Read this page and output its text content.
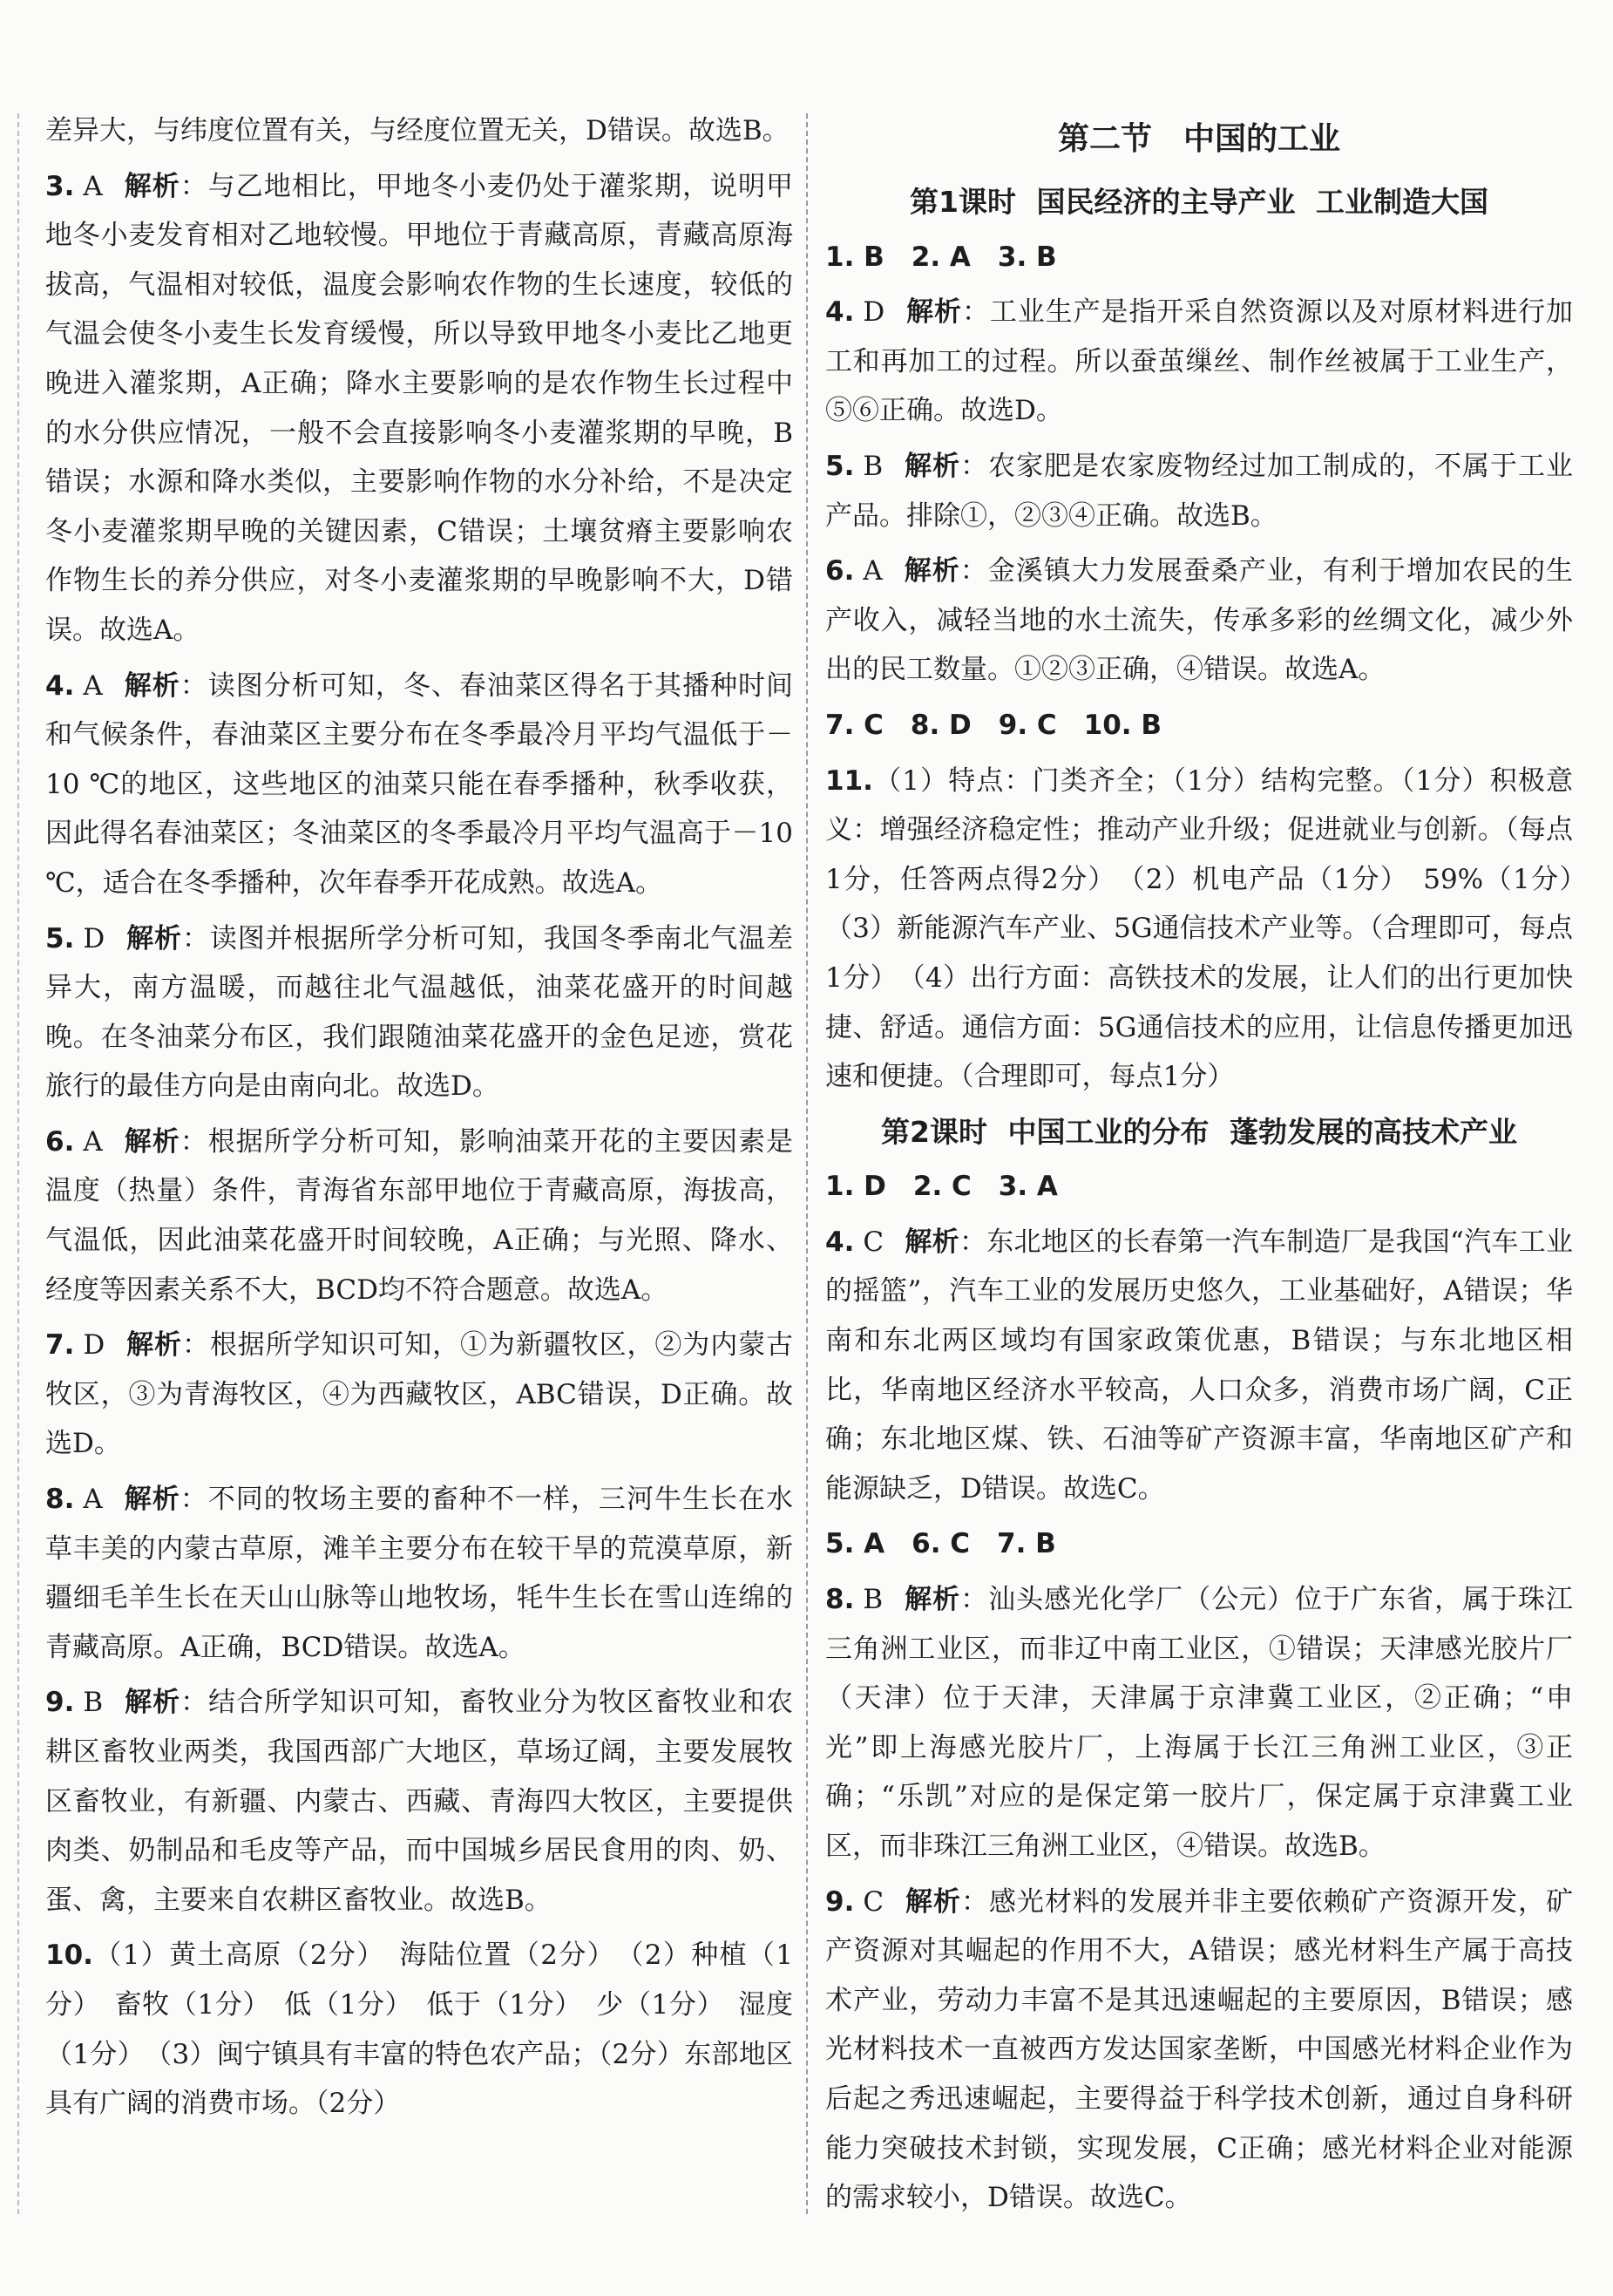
差异大，与纬度位置有关，与经度位置无关，D错误。故选B。

3. A 解析：与乙地相比，甲地冬小麦仍处于灌浆期，说明甲地冬小麦发育相对乙地较慢。甲地位于青藏高原，青藏高原海拔高，气温相对较低，温度会影响农作物的生长速度，较低的气温会使冬小麦生长发育缓慢，所以导致甲地冬小麦比乙地更晚进入灌浆期，A正确；降水主要影响的是农作物生长过程中的水分供应情况，一般不会直接影响冬小麦灌浆期的早晚，B错误；水源和降水类似，主要影响作物的水分补给，不是决定冬小麦灌浆期早晚的关键因素，C错误；土壤贫瘠主要影响农作物生长的养分供应，对冬小麦灌浆期的早晚影响不大，D错误。故选A。

4. A 解析：读图分析可知，冬、春油菜区得名于其播种时间和气候条件，春油菜区主要分布在冬季最冷月平均气温低于－10 ℃的地区，这些地区的油菜只能在春季播种，秋季收获，因此得名春油菜区；冬油菜区的冬季最冷月平均气温高于－10 ℃，适合在冬季播种，次年春季开花成熟。故选A。

5. D 解析：读图并根据所学分析可知，我国冬季南北气温差异大，南方温暖，而越往北气温越低，油菜花盛开的时间越晚。在冬油菜分布区，我们跟随油菜花盛开的金色足迹，赏花旅行的最佳方向是由南向北。故选D。

6. A 解析：根据所学分析可知，影响油菜开花的主要因素是温度（热量）条件，青海省东部甲地位于青藏高原，海拔高，气温低，因此油菜花盛开时间较晚，A正确；与光照、降水、经度等因素关系不大，BCD均不符合题意。故选A。

7. D 解析：根据所学知识可知，①为新疆牧区，②为内蒙古牧区，③为青海牧区，④为西藏牧区，ABC错误，D正确。故选D。

8. A 解析：不同的牧场主要的畜种不一样，三河牛生长在水草丰美的内蒙古草原，滩羊主要分布在较干旱的荒漠草原，新疆细毛羊生长在天山山脉等山地牧场，牦牛生长在雪山连绵的青藏高原。A正确，BCD错误。故选A。

9. B 解析：结合所学知识可知，畜牧业分为牧区畜牧业和农耕区畜牧业两类，我国西部广大地区，草场辽阔，主要发展牧区畜牧业，有新疆、内蒙古、西藏、青海四大牧区，主要提供肉类、奶制品和毛皮等产品，而中国城乡居民食用的肉、奶、蛋、禽，主要来自农耕区畜牧业。故选B。

10.（1）黄土高原（2分）　海陆位置（2分）　（2）种植（1分）　畜牧（1分）　低（1分）　低于（1分）　少（1分）　湿度（1分）　（3）闽宁镇具有丰富的特色农产品；（2分）东部地区具有广阔的消费市场。（2分）

第二节　中国的工业
第1课时 国民经济的主导产业 工业制造大国

1. B　2. A　3. B

4. D 解析：工业生产是指开采自然资源以及对原材料进行加工和再加工的过程。所以蚕茧缫丝、制作丝被属于工业生产，⑤⑥正确。故选D。

5. B 解析：农家肥是农家废物经过加工制成的，不属于工业产品。排除①，②③④正确。故选B。

6. A 解析：金溪镇大力发展蚕桑产业，有利于增加农民的生产收入，减轻当地的水土流失，传承多彩的丝绸文化，减少外出的民工数量。①②③正确，④错误。故选A。

7. C　8. D　9. C　10. B

11.（1）特点：门类齐全；（1分）结构完整。（1分）积极意义：增强经济稳定性；推动产业升级；促进就业与创新。（每点1分，任答两点得2分）　（2）机电产品（1分）　59%（1分）　（3）新能源汽车产业、5G通信技术产业等。（合理即可，每点1分）　（4）出行方面：高铁技术的发展，让人们的出行更加快捷、舒适。通信方面：5G通信技术的应用，让信息传播更加迅速和便捷。（合理即可，每点1分）

第2课时 中国工业的分布 蓬勃发展的高技术产业

1. D　2. C　3. A

4. C 解析：东北地区的长春第一汽车制造厂是我国“汽车工业的摇篮”，汽车工业的发展历史悠久，工业基础好，A错误；华南和东北两区域均有国家政策优惠，B错误；与东北地区相比，华南地区经济水平较高，人口众多，消费市场广阔，C正确；东北地区煤、铁、石油等矿产资源丰富，华南地区矿产和能源缺乏，D错误。故选C。

5. A　6. C　7. B

8. B 解析：汕头感光化学厂（公元）位于广东省，属于珠江三角洲工业区，而非辽中南工业区，①错误；天津感光胶片厂（天津）位于天津，天津属于京津冀工业区，②正确；“申光”即上海感光胶片厂，上海属于长江三角洲工业区，③正确；“乐凯”对应的是保定第一胶片厂，保定属于京津冀工业区，而非珠江三角洲工业区，④错误。故选B。

9. C 解析：感光材料的发展并非主要依赖矿产资源开发，矿产资源对其崛起的作用不大，A错误；感光材料生产属于高技术产业，劳动力丰富不是其迅速崛起的主要原因，B错误；感光材料技术一直被西方发达国家垄断，中国感光材料企业作为后起之秀迅速崛起，主要得益于科学技术创新，通过自身科研能力突破技术封锁，实现发展，C正确；感光材料企业对能源的需求较小，D错误。故选C。
